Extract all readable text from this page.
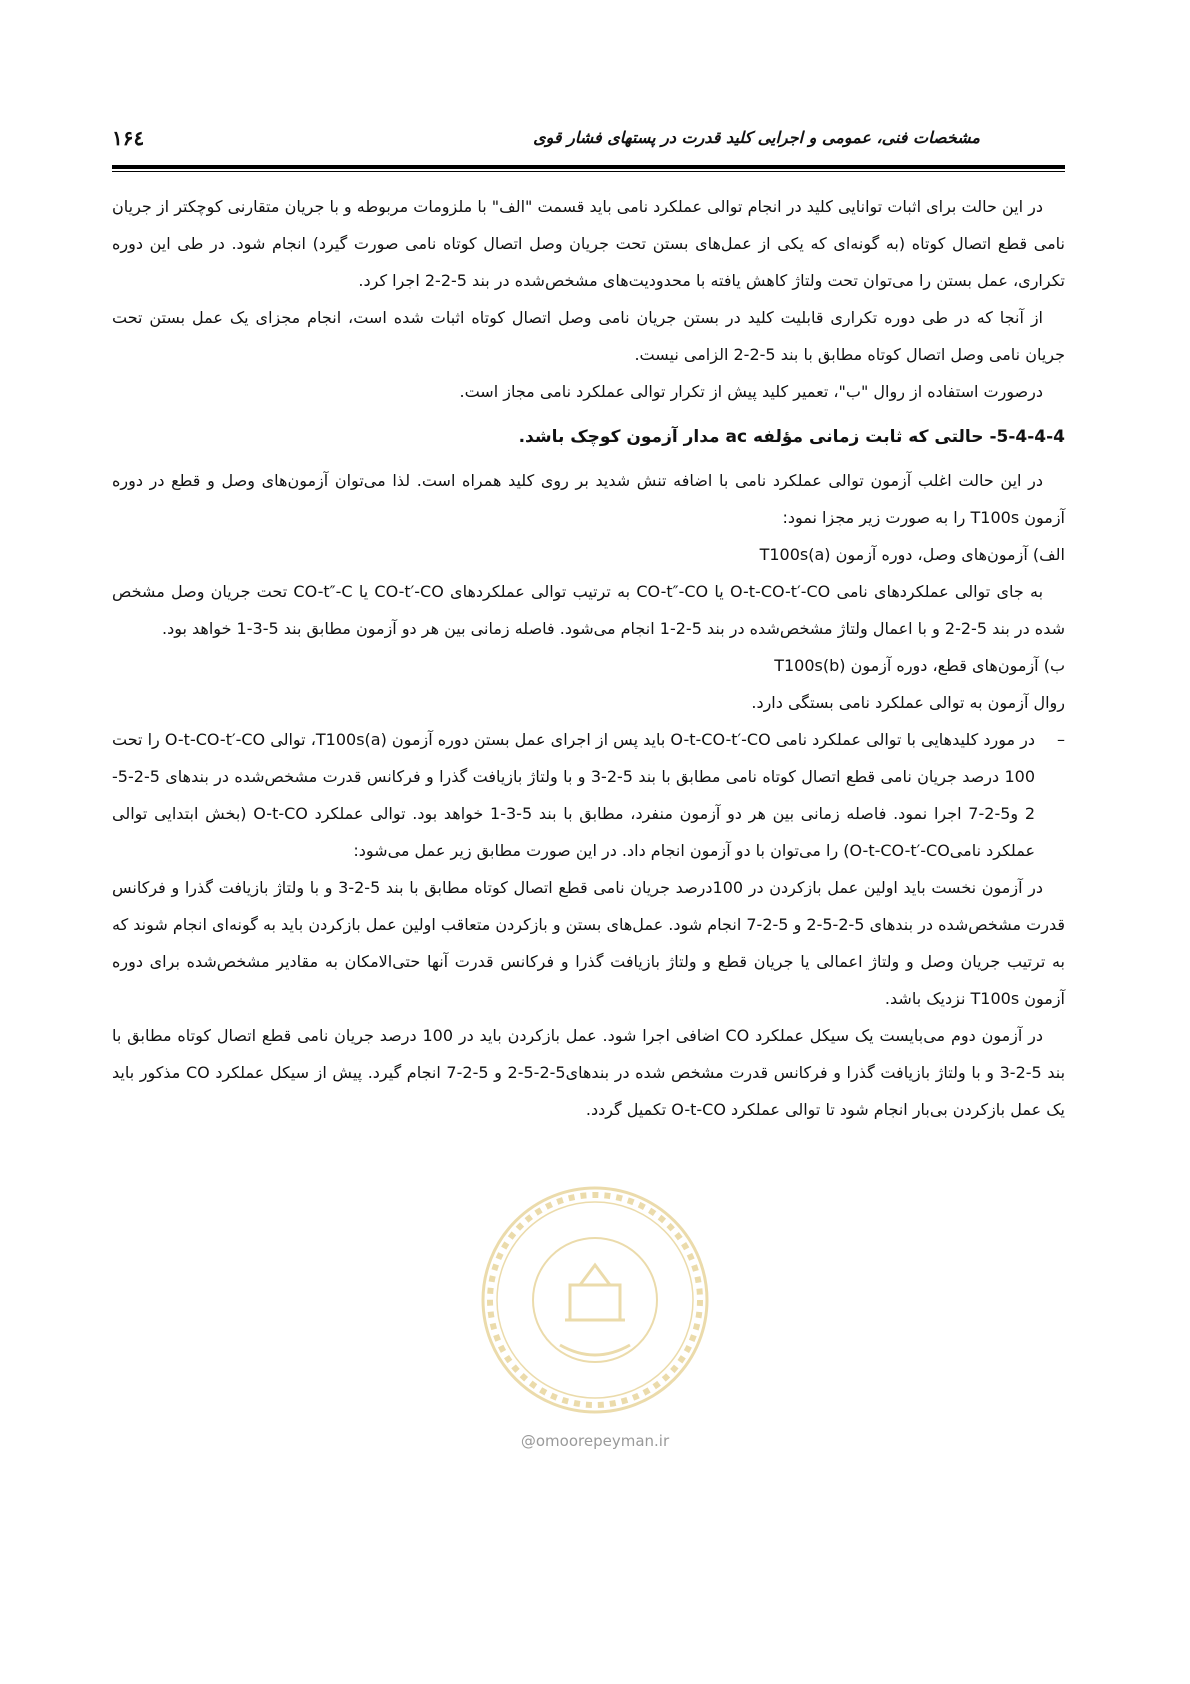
۱۶٤	مشخصات فنی، عمومی و اجرایی کلید قدرت در پستهای فشار قوی

در این حالت برای اثبات توانایی کلید در انجام توالی عملکرد نامی باید قسمت "الف" با ملزومات مربوطه و با جریان متقارنی کوچکتر از جریان نامی قطع اتصال کوتاه (به گونه‌ای که یکی از عمل‌های بستن تحت جریان وصل اتصال کوتاه نامی صورت گیرد) انجام شود. در طی این دوره تکراری، عمل بستن را می‌توان تحت ولتاژ کاهش یافته با محدودیت‌های مشخص‌شده در بند 5-2-2 اجرا کرد.

از آنجا که در طی دوره تکراری قابلیت کلید در بستن جریان نامی وصل اتصال کوتاه اثبات شده است، انجام مجزای یک عمل بستن تحت جریان نامی وصل اتصال کوتاه مطابق با بند 5-2-2 الزامی نیست.

درصورت استفاده از روال "ب"، تعمیر کلید پیش از تکرار توالی عملکرد نامی مجاز است.

5-4-4-4- حالتی که ثابت زمانی مؤلفه ac مدار آزمون کوچک باشد.

در این حالت اغلب آزمون توالی عملکرد نامی با اضافه تنش شدید بر روی کلید همراه است. لذا می‌توان آزمون‌های وصل و قطع در دوره آزمون T100s را به صورت زیر مجزا نمود:

الف) آزمون‌های وصل، دوره آزمون T100s(a)

به جای توالی عملکردهای نامی O-t-CO-t′-CO یا CO-t″-CO به ترتیب توالی عملکردهای CO-t′-CO یا CO-t″-C تحت جریان وصل مشخص شده در بند 5-2-2 و با اعمال ولتاژ مشخص‌شده در بند 5-2-1 انجام می‌شود. فاصله زمانی بین هر دو آزمون مطابق بند 5-3-1 خواهد بود.

ب) آزمون‌های قطع، دوره آزمون T100s(b)

روال آزمون به توالی عملکرد نامی بستگی دارد.

–

در مورد کلیدهایی با توالی عملکرد نامی O-t-CO-t′-CO باید پس از اجرای عمل بستن دوره آزمون T100s(a)، توالی O-t-CO-t′-CO را تحت 100 درصد جریان نامی قطع اتصال کوتاه نامی مطابق با بند 5-2-3 و با ولتاژ بازیافت گذرا و فرکانس قدرت مشخص‌شده در بندهای 5-2-5-2 و5-2-7 اجرا نمود. فاصله زمانی بین هر دو آزمون منفرد، مطابق با بند 5-3-1 خواهد بود. توالی عملکرد O-t-CO (بخش ابتدایی توالی عملکرد نامیO-t-CO-t′-CO) را می‌توان با دو آزمون انجام داد. در این صورت مطابق زیر عمل می‌شود:

در آزمون نخست باید اولین عمل بازکردن در 100درصد جریان نامی قطع اتصال کوتاه مطابق با بند 5-2-3 و با ولتاژ بازیافت گذرا و فرکانس قدرت مشخص‌شده در بندهای 5-2-5-2 و 5-2-7 انجام شود. عمل‌های بستن و بازکردن متعاقب اولین عمل بازکردن باید به گونه‌ای انجام شوند که به ترتیب جریان وصل و ولتاژ اعمالی یا جریان قطع و ولتاژ بازیافت گذرا و فرکانس قدرت آنها حتی‌الامکان به مقادیر مشخص‌شده برای دوره آزمون T100s نزدیک باشد.

در آزمون دوم می‌بایست یک سیکل عملکرد CO اضافی اجرا شود. عمل بازکردن باید در 100 درصد جریان نامی قطع اتصال کوتاه مطابق با بند 5-2-3 و با ولتاژ بازیافت گذرا و فرکانس قدرت مشخص شده در بندهای5-2-5-2 و 5-2-7 انجام گیرد. پیش از سیکل عملکرد CO مذکور باید یک عمل بازکردن بی‌بار انجام شود تا توالی عملکرد O-t-CO تکمیل گردد.

@omoorepeyman.ir
